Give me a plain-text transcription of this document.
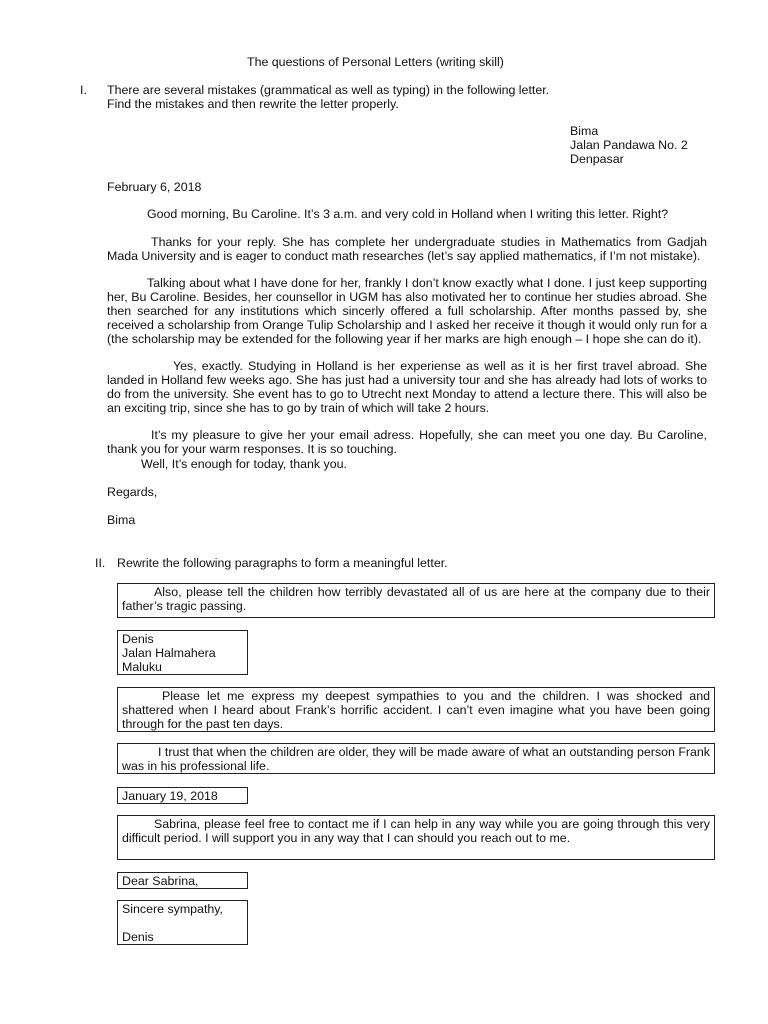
The questions of Personal Letters (writing skill)
I. There are several mistakes (grammatical as well as typing) in the following letter.
Find the mistakes and then rewrite the letter properly.
Bima
Jalan Pandawa No. 2
Denpasar
February 6, 2018
Good morning, Bu Caroline. It’s 3 a.m. and very cold in Holland when I writing this letter. Right?
Thanks for your reply. She has complete her undergraduate studies in Mathematics from Gadjah Mada University and is eager to conduct math researches (let’s say applied mathematics, if I’m not mistake).
Talking about what I have done for her, frankly I don’t know exactly what I done. I just keep supporting her, Bu Caroline. Besides, her counsellor in UGM has also motivated her to continue her studies abroad. She then searched for any institutions which sincerly offered a full scholarship. After months passed by, she received a scholarship from Orange Tulip Scholarship and I asked her receive it though it would only run for a (the scholarship may be extended for the following year if her marks are high enough – I hope she can do it).
Yes, exactly. Studying in Holland is her experiense as well as it is her first travel abroad. She landed in Holland few weeks ago. She has just had a university tour and she has already had lots of works to do from the university. She event has to go to Utrecht next Monday to attend a lecture there. This will also be an exciting trip, since she has to go by train of which will take 2 hours.
It’s my pleasure to give her your email adress. Hopefully, she can meet you one day. Bu Caroline, thank you for your warm responses. It is so touching.
Well, It’s enough for today, thank you.
Regards,
Bima
II. Rewrite the following paragraphs to form a meaningful letter.
Also, please tell the children how terribly devastated all of us are here at the company due to their father’s tragic passing.
Denis
Jalan Halmahera
Maluku
Please let me express my deepest sympathies to you and the children. I was shocked and shattered when I heard about Frank’s horrific accident. I can’t even imagine what you have been going through for the past ten days.
I trust that when the children are older, they will be made aware of what an outstanding person Frank was in his professional life.
January 19, 2018
Sabrina, please feel free to contact me if I can help in any way while you are going through this very difficult period. I will support you in any way that I can should you reach out to me.
Dear Sabrina,
Sincere sympathy,
Denis
